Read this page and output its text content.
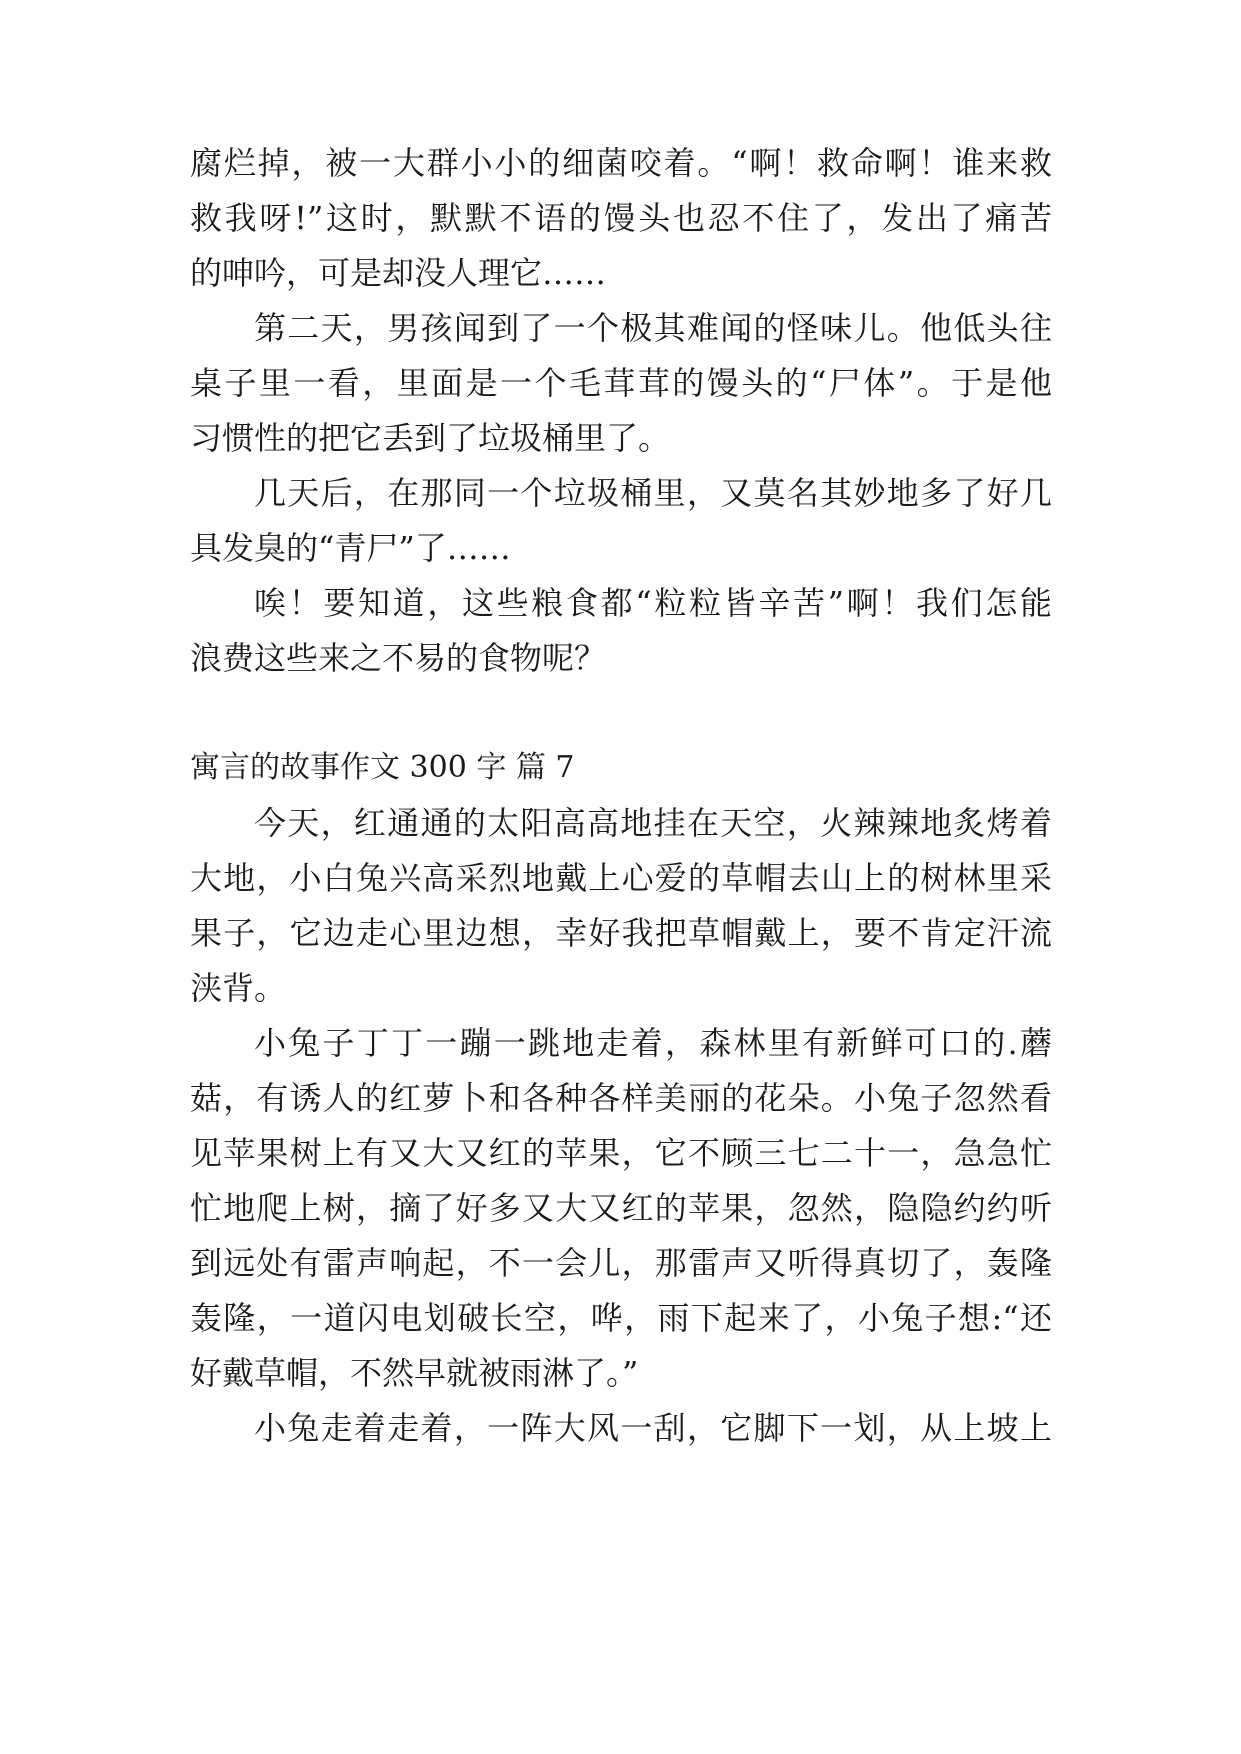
腐烂掉，被一大群小小的细菌咬着。“啊！救命啊！谁来救
救我呀!”这时，默默不语的馒头也忍不住了，发出了痛苦
的呻吟，可是却没人理它……
第二天，男孩闻到了一个极其难闻的怪味儿。他低头往
桌子里一看，里面是一个毛茸茸的馒头的“尸体”。于是他
习惯性的把它丢到了垃圾桶里了。
几天后，在那同一个垃圾桶里，又莫名其妙地多了好几
具发臭的“青尸”了……
唉！要知道，这些粮食都“粒粒皆辛苦”啊！我们怎能
浪费这些来之不易的食物呢？
寓言的故事作文 300 字 篇 7
今天，红通通的太阳高高地挂在天空，火辣辣地炙烤着
大地，小白兔兴高采烈地戴上心爱的草帽去山上的树林里采
果子，它边走心里边想，幸好我把草帽戴上，要不肯定汗流
浃背。
小兔子丁丁一蹦一跳地走着，森林里有新鲜可口的.蘑
菇，有诱人的红萝卜和各种各样美丽的花朵。小兔子忽然看
见苹果树上有又大又红的苹果，它不顾三七二十一，急急忙
忙地爬上树，摘了好多又大又红的苹果，忽然，隐隐约约听
到远处有雷声响起，不一会儿，那雷声又听得真切了，轰隆
轰隆，一道闪电划破长空，哗，雨下起来了，小兔子想:“还
好戴草帽，不然早就被雨淋了。”
小兔走着走着，一阵大风一刮，它脚下一划，从上坡上
